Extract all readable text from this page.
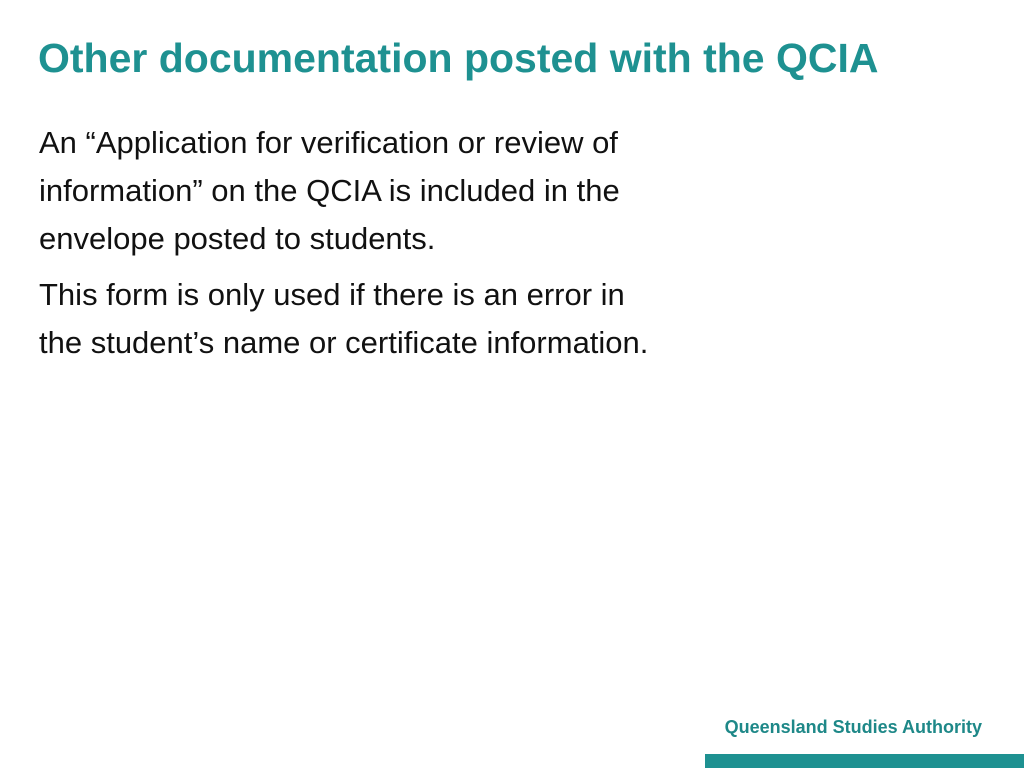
Other documentation posted with the QCIA

An “Application for verification or review of
information” on the QCIA is included in the
envelope posted to students.

This form is only used if there is an error in
the student’s name or certificate information.

Queensland Studies Authority
